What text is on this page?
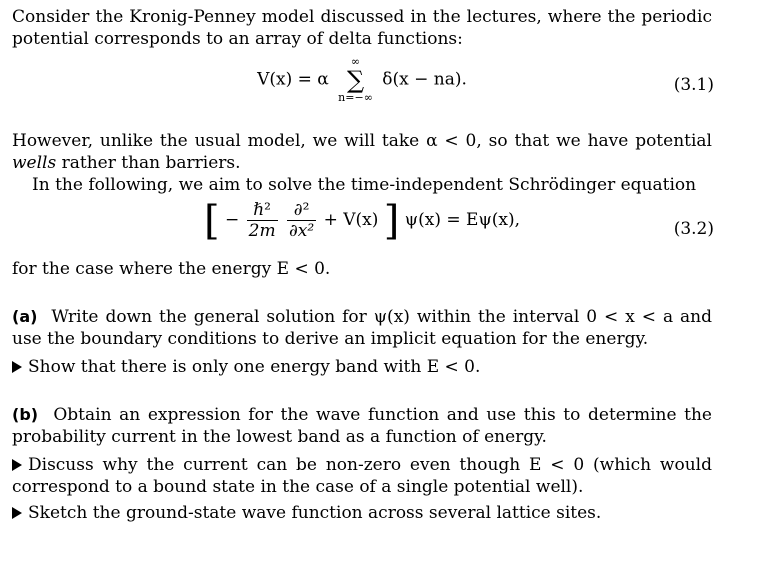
Consider the Kronig-Penney model discussed in the lectures, where the periodic potential corresponds to an array of delta functions:

V(x) = α
∞
∑
n=−∞
δ(x − na).	(3.1)

However, unlike the usual model, we will take α < 0, so that we have potential wells rather than barriers.

In the following, we aim to solve the time-independent Schrödinger equation

[ − $\frac{\text{ℏ²}}{2m}$
$\frac{\text{∂²}}{\text{∂x²}} + V(x)$ ] ψ(x) = Eψ(x),	(3.2)

for the case where the energy E < 0.

(a) Write down the general solution for ψ(x) within the interval 0 < x < a and use the boundary conditions to derive an implicit equation for the energy.

Show that there is only one energy band with E < 0.

(b) Obtain an expression for the wave function and use this to determine the probability current in the lowest band as a function of energy.

Discuss why the current can be non-zero even though E < 0 (which would correspond to a bound state in the case of a single potential well).

Sketch the ground-state wave function across several lattice sites.
